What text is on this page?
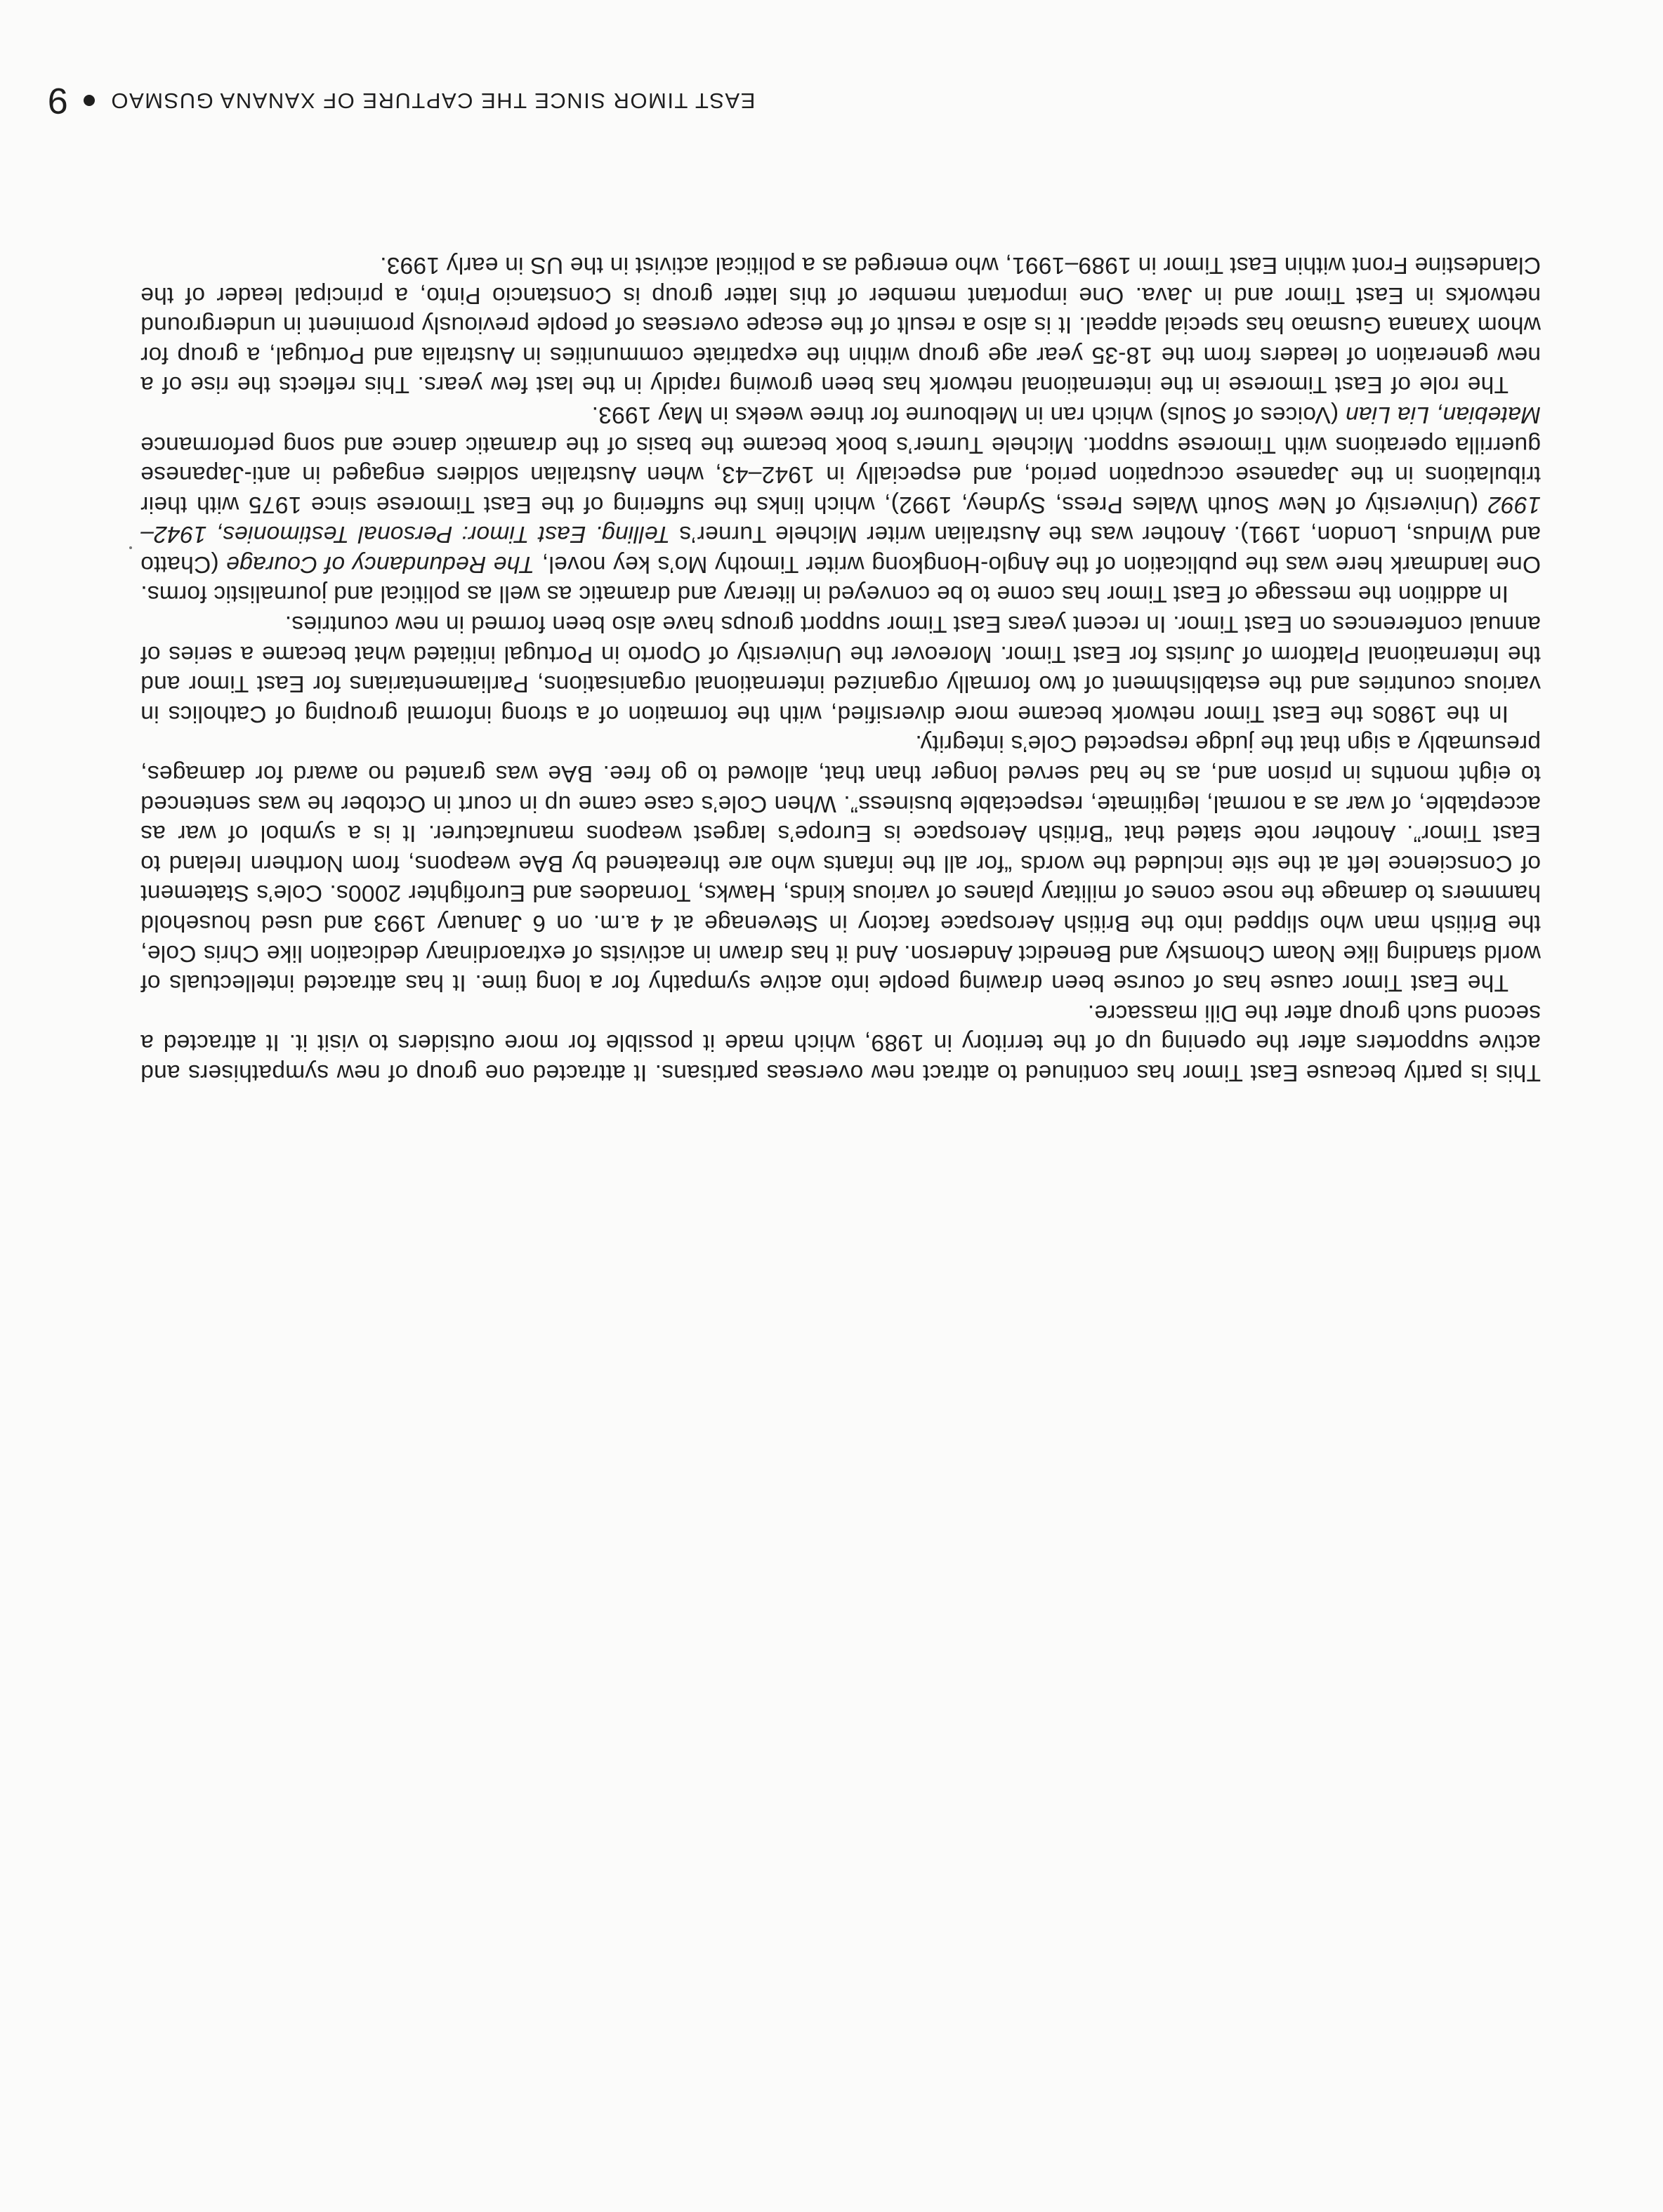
This is partly because East Timor has continued to attract new overseas partisans. It attracted one group of new sympathisers and active supporters after the opening up of the territory in 1989, which made it possible for more outsiders to visit it. It attracted a second such group after the Dili massacre.

The East Timor cause has of course been drawing people into active sympathy for a long time. It has attracted intellectuals of world standing like Noam Chomsky and Benedict Anderson. And it has drawn in activists of extraordinary dedication like Chris Cole, the British man who slipped into the British Aerospace factory in Stevenage at 4 a.m. on 6 January 1993 and used household hammers to damage the nose cones of military planes of various kinds, Hawks, Tornadoes and Eurofighter 2000s. Cole’s Statement of Conscience left at the site included the words “for all the infants who are threatened by BAe weapons, from Northern Ireland to East Timor”. Another note stated that “British Aerospace is Europe’s largest weapons manufacturer. It is a symbol of war as acceptable, of war as a normal, legitimate, respectable business”. When Cole’s case came up in court in October he was sentenced to eight months in prison and, as he had served longer than that, allowed to go free. BAe was granted no award for damages, presumably a sign that the judge respected Cole’s integrity.

In the 1980s the East Timor network became more diversified, with the formation of a strong informal grouping of Catholics in various countries and the establishment of two formally organized international organisations, Parliamentarians for East Timor and the International Platform of Jurists for East Timor. Moreover the University of Oporto in Portugal initiated what became a series of annual conferences on East Timor. In recent years East Timor support groups have also been formed in new countries.

In addition the message of East Timor has come to be conveyed in literary and dramatic as well as political and journalistic forms. One landmark here was the publication of the Anglo-Hongkong writer Timothy Mo’s key novel, The Redundancy of Courage (Chatto and Windus, London, 1991). Another was the Australian writer Michele Turner’s Telling. East Timor: Personal Testimonies, 1942–1992 (University of New South Wales Press, Sydney, 1992), which links the suffering of the East Timorese since 1975 with their tribulations in the Japanese occupation period, and especially in 1942–43, when Australian soldiers engaged in anti-Japanese guerrilla operations with Timorese support. Michele Turner’s book became the basis of the dramatic dance and song performance Matebian, Lia Lian (Voices of Souls) which ran in Melbourne for three weeks in May 1993.

The role of East Timorese in the international network has been growing rapidly in the last few years. This reflects the rise of a new generation of leaders from the 18-35 year age group within the expatriate communities in Australia and Portugal, a group for whom Xanana Gusmao has special appeal. It is also a result of the escape overseas of people previously prominent in underground networks in East Timor and in Java. One important member of this latter group is Constancio Pinto, a principal leader of the Clandestine Front within East Timor in 1989–1991, who emerged as a political activist in the US in early 1993.

EAST TIMOR SINCE THE CAPTURE OF XANANA GUSMAO
9
